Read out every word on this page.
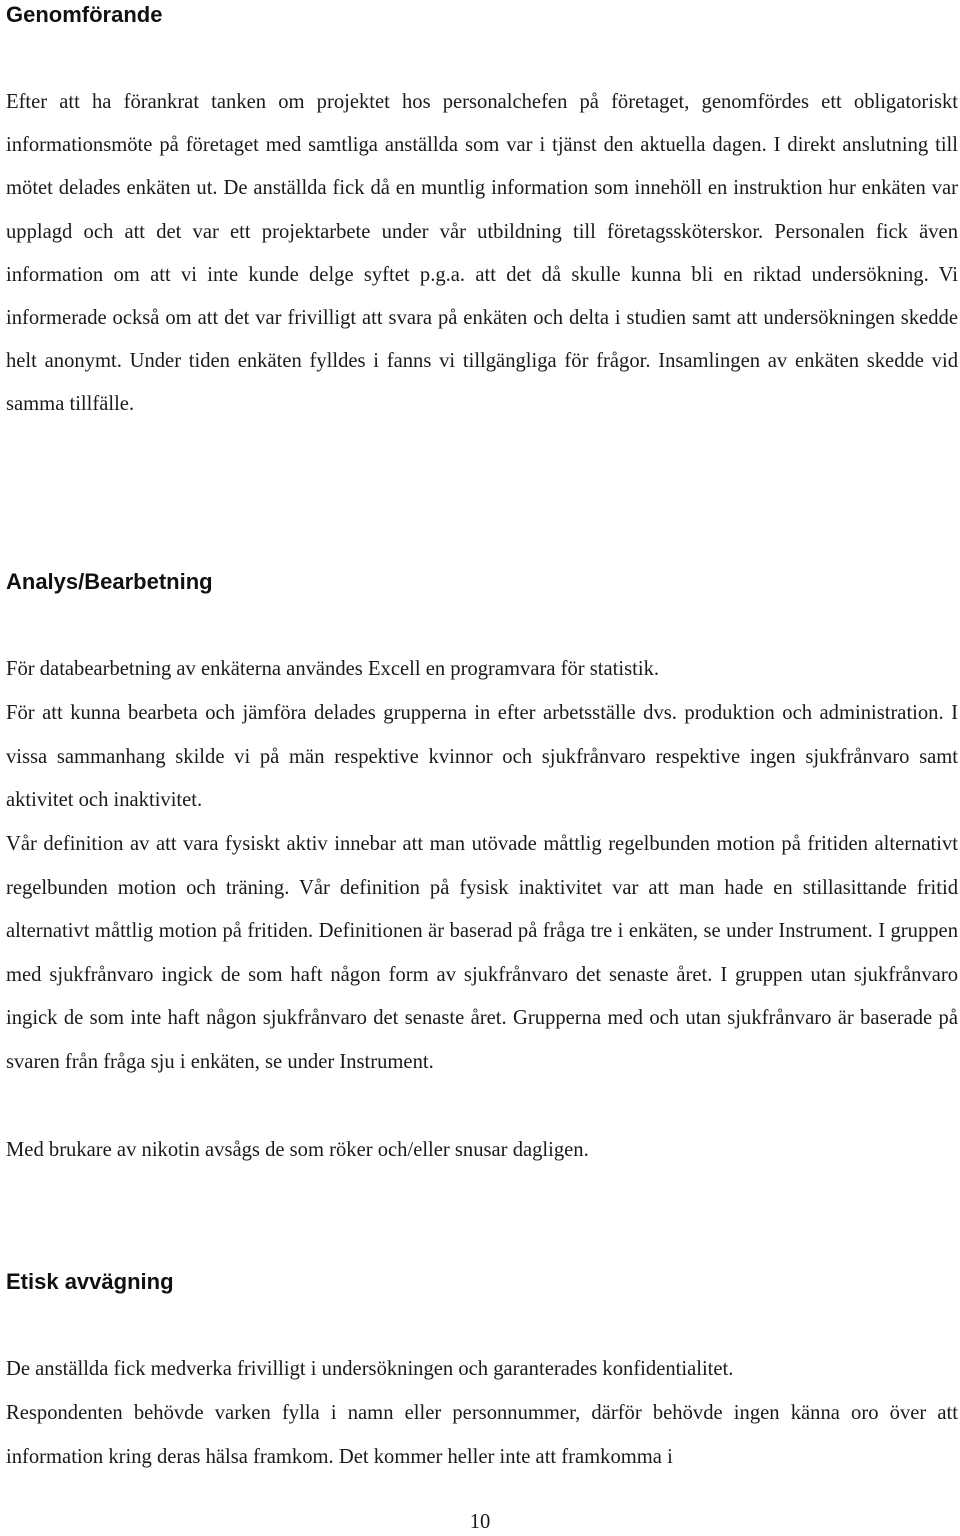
Genomförande

Efter att ha förankrat tanken om projektet hos personalchefen på företaget, genomfördes ett obligatoriskt informationsmöte på företaget med samtliga anställda som var i tjänst den aktuella dagen. I direkt anslutning till mötet delades enkäten ut. De anställda fick då en muntlig information som innehöll en instruktion hur enkäten var upplagd och att det var ett projektarbete under vår utbildning till företagssköterskor. Personalen fick även information om att vi inte kunde delge syftet p.g.a. att det då skulle kunna bli en riktad undersökning. Vi informerade också om att det var frivilligt att svara på enkäten och delta i studien samt att undersökningen skedde helt anonymt. Under tiden enkäten fylldes i fanns vi tillgängliga för frågor. Insamlingen av enkäten skedde vid samma tillfälle.

Analys/Bearbetning

För databearbetning av enkäterna användes Excell en programvara för statistik.

För att kunna bearbeta och jämföra delades grupperna in efter arbetsställe dvs. produktion och administration. I vissa sammanhang skilde vi på män respektive kvinnor och sjukfrånvaro respektive ingen sjukfrånvaro samt aktivitet och inaktivitet.

Vår definition av att vara fysiskt aktiv innebar att man utövade måttlig regelbunden motion på fritiden alternativt regelbunden motion och träning. Vår definition på fysisk inaktivitet var att man hade en stillasittande fritid alternativt måttlig motion på fritiden. Definitionen är baserad på fråga tre i enkäten, se under Instrument. I gruppen med sjukfrånvaro ingick de som haft någon form av sjukfrånvaro det senaste året. I gruppen utan sjukfrånvaro ingick de som inte haft någon sjukfrånvaro det senaste året. Grupperna med och utan sjukfrånvaro är baserade på svaren från fråga sju i enkäten, se under Instrument.

Med brukare av nikotin avsågs de som röker och/eller snusar dagligen.

Etisk avvägning

De anställda fick medverka frivilligt i undersökningen och garanterades konfidentialitet.

Respondenten behövde varken fylla i namn eller personnummer, därför behövde ingen känna oro över att information kring deras hälsa framkom. Det kommer heller inte att framkomma i

10
